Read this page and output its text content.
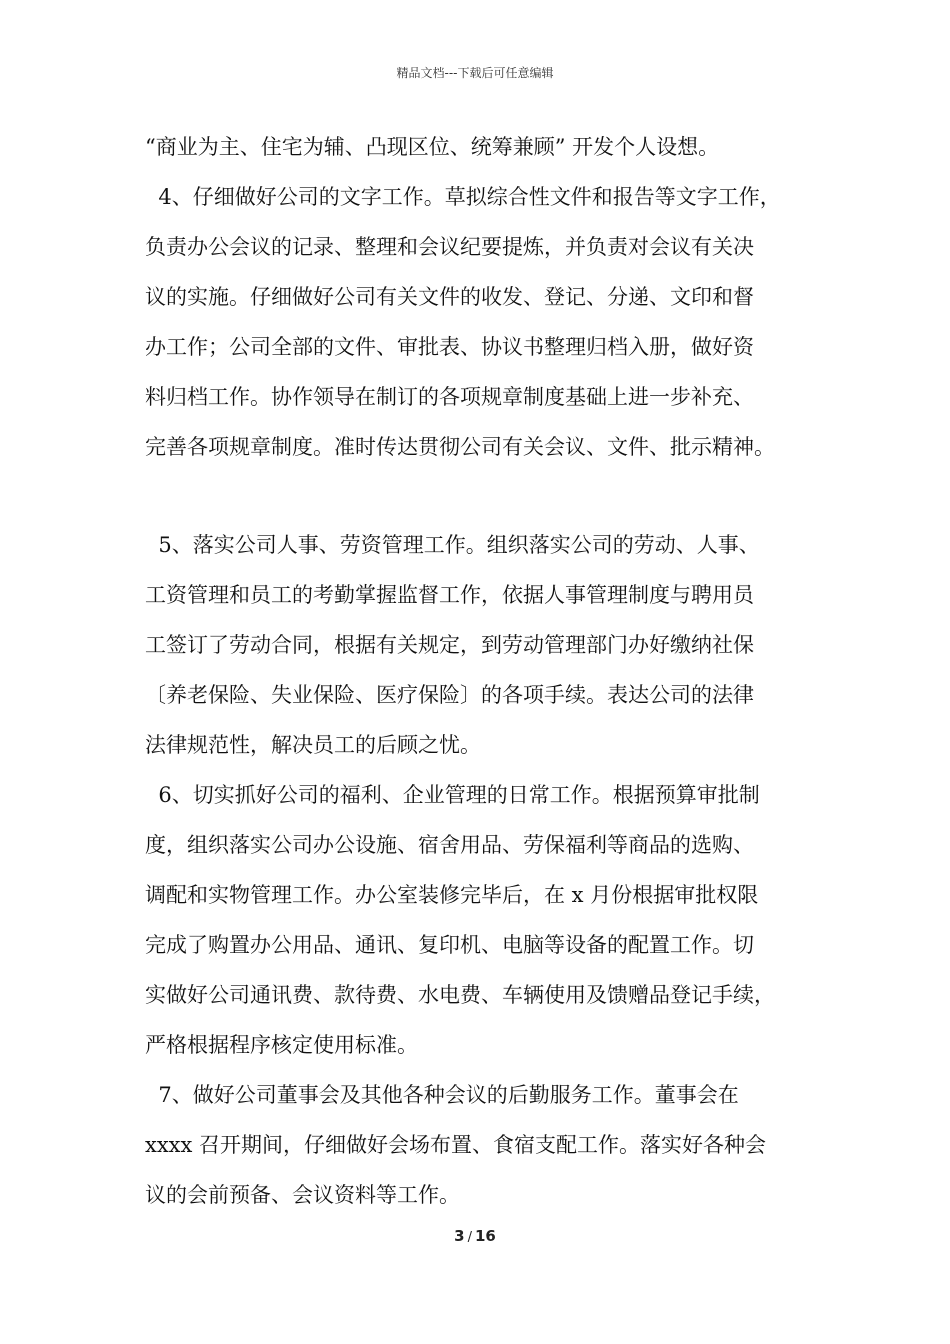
精品文档---下载后可任意编辑
“商业为主、住宅为辅、凸现区位、统筹兼顾” 开发个人设想。
4、仔细做好公司的文字工作。草拟综合性文件和报告等文字工作，
负责办公会议的记录、整理和会议纪要提炼，并负责对会议有关决
议的实施。仔细做好公司有关文件的收发、登记、分递、文印和督
办工作；公司全部的文件、审批表、协议书整理归档入册，做好资
料归档工作。协作领导在制订的各项规章制度基础上进一步补充、
完善各项规章制度。准时传达贯彻公司有关会议、文件、批示精神。
5、落实公司人事、劳资管理工作。组织落实公司的劳动、人事、
工资管理和员工的考勤掌握监督工作，依据人事管理制度与聘用员
工签订了劳动合同，根据有关规定，到劳动管理部门办好缴纳社保
〔养老保险、失业保险、医疗保险〕的各项手续。表达公司的法律
法律规范性，解决员工的后顾之忧。
6、切实抓好公司的福利、企业管理的日常工作。根据预算审批制
度，组织落实公司办公设施、宿舍用品、劳保福利等商品的选购、
调配和实物管理工作。办公室装修完毕后，在 x 月份根据审批权限
完成了购置办公用品、通讯、复印机、电脑等设备的配置工作。切
实做好公司通讯费、款待费、水电费、车辆使用及馈赠品登记手续，
严格根据程序核定使用标准。
7、做好公司董事会及其他各种会议的后勤服务工作。董事会在
xxxx 召开期间，仔细做好会场布置、食宿支配工作。落实好各种会
议的会前预备、会议资料等工作。
3 / 16
